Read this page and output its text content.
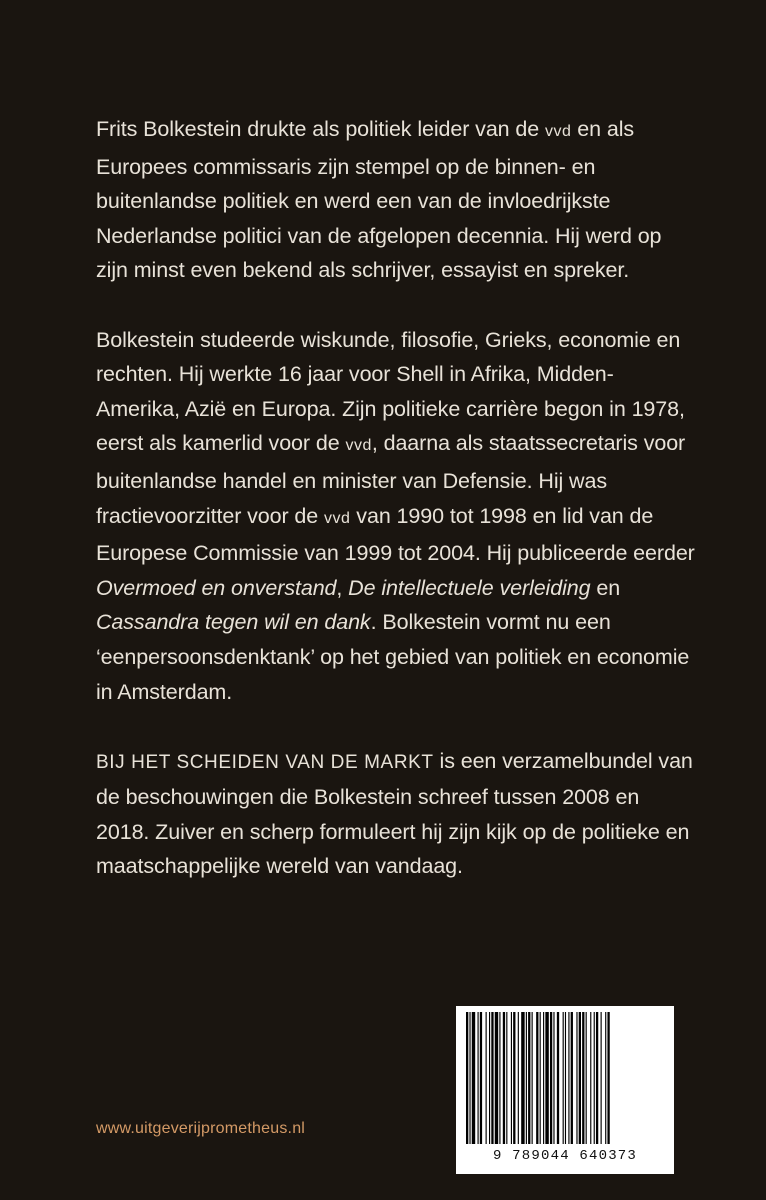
Frits Bolkestein drukte als politiek leider van de vvd en als Europees commissaris zijn stempel op de binnen- en buitenlandse politiek en werd een van de invloedrijkste Nederlandse politici van de afgelopen decennia. Hij werd op zijn minst even bekend als schrijver, essayist en spreker.

Bolkestein studeerde wiskunde, filosofie, Grieks, economie en rechten. Hij werkte 16 jaar voor Shell in Afrika, Midden-Amerika, Azië en Europa. Zijn politieke carrière begon in 1978, eerst als kamerlid voor de vvd, daarna als staatssecretaris voor buitenlandse handel en minister van Defensie. Hij was fractievoorzitter voor de vvd van 1990 tot 1998 en lid van de Europese Commissie van 1999 tot 2004. Hij publiceerde eerder Overmoed en onverstand, De intellectuele verleiding en Cassandra tegen wil en dank. Bolkestein vormt nu een ‘eenpersoonsdenktank’ op het gebied van politiek en economie in Amsterdam.

BIJ HET SCHEIDEN VAN DE MARKT is een verzamelbundel van de beschouwingen die Bolkestein schreef tussen 2008 en 2018. Zuiver en scherp formuleert hij zijn kijk op de politieke en maatschappelijke wereld van vandaag.

9 789044 640373
www.uitgeverijprometheus.nl
